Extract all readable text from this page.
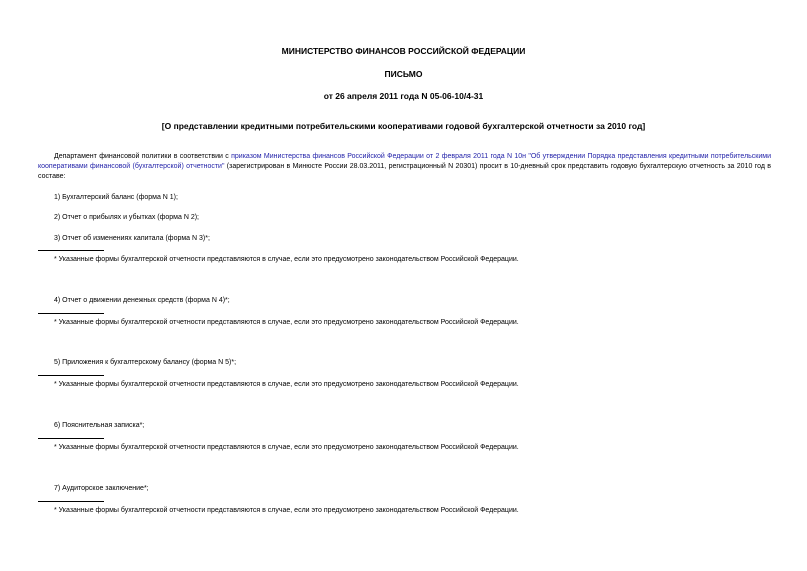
МИНИСТЕРСТВО ФИНАНСОВ РОССИЙСКОЙ ФЕДЕРАЦИИ
ПИСЬМО
от 26 апреля 2011 года N 05-06-10/4-31
[О представлении кредитными потребительскими кооперативами годовой бухгалтерской отчетности за 2010 год]
Департамент финансовой политики в соответствии с приказом Министерства финансов Российской Федерации от 2 февраля 2011 года N 10н "Об утверждении Порядка представления кредитными потребительскими кооперативами финансовой (бухгалтерской) отчетности" (зарегистрирован в Минюсте России 28.03.2011, регистрационный N 20301) просит в 10-дневный срок представить годовую бухгалтерскую отчетность за 2010 год в составе:
1) Бухгалтерский баланс (форма N 1);
2) Отчет о прибылях и убытках (форма N 2);
3) Отчет об изменениях капитала (форма N 3)*;
* Указанные формы бухгалтерской отчетности представляются в случае, если это предусмотрено законодательством Российской Федерации.
4) Отчет о движении денежных средств (форма N 4)*;
* Указанные формы бухгалтерской отчетности представляются в случае, если это предусмотрено законодательством Российской Федерации.
5) Приложения к бухгалтерскому балансу (форма N 5)*;
* Указанные формы бухгалтерской отчетности представляются в случае, если это предусмотрено законодательством Российской Федерации.
6) Пояснительная записка*;
* Указанные формы бухгалтерской отчетности представляются в случае, если это предусмотрено законодательством Российской Федерации.
7) Аудиторское заключение*;
* Указанные формы бухгалтерской отчетности представляются в случае, если это предусмотрено законодательством Российской Федерации.
